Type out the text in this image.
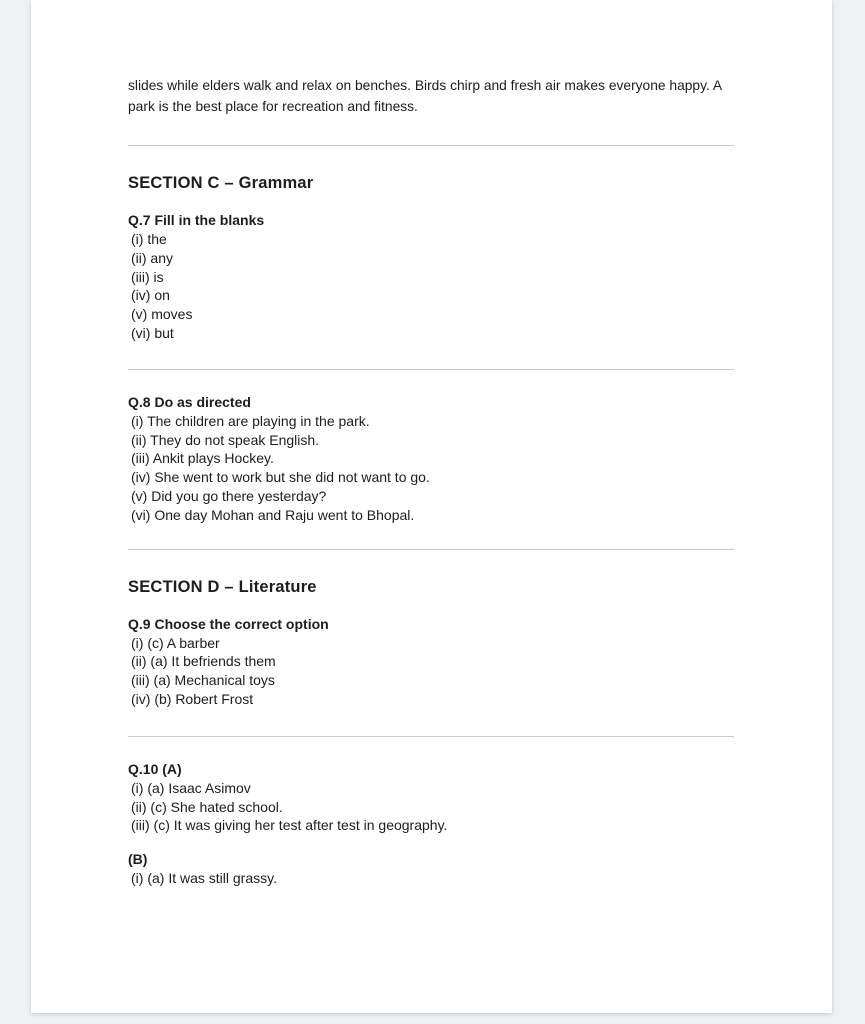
slides while elders walk and relax on benches. Birds chirp and fresh air makes everyone happy. A park is the best place for recreation and fitness.

SECTION C – Grammar
Q.7 Fill in the blanks
(i) the
(ii) any
(iii) is
(iv) on
(v) moves
(vi) but
Q.8 Do as directed
(i) The children are playing in the park.
(ii) They do not speak English.
(iii) Ankit plays Hockey.
(iv) She went to work but she did not want to go.
(v) Did you go there yesterday?
(vi) One day Mohan and Raju went to Bhopal.
SECTION D – Literature
Q.9 Choose the correct option
(i) (c) A barber
(ii) (a) It befriends them
(iii) (a) Mechanical toys
(iv) (b) Robert Frost
Q.10 (A)
(i) (a) Isaac Asimov
(ii) (c) She hated school.
(iii) (c) It was giving her test after test in geography.
(B)
(i) (a) It was still grassy.
